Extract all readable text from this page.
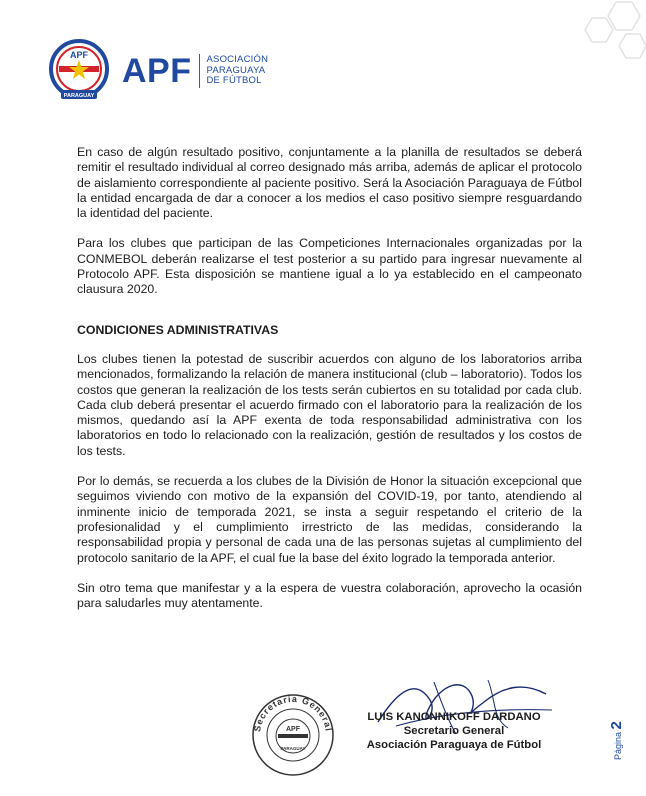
APF
PARAGUAY
APF ASOCIACIÓN
PARAGUAYA
DE FÚTBOL

En caso de algún resultado positivo, conjuntamente a la planilla de resultados se deberá remitir el resultado individual al correo designado más arriba, además de aplicar el protocolo de aislamiento correspondiente al paciente positivo. Será la Asociación Paraguaya de Fútbol la entidad encargada de dar a conocer a los medios el caso positivo siempre resguardando la identidad del paciente.

Para los clubes que participan de las Competiciones Internacionales organizadas por la CONMEBOL deberán realizarse el test posterior a su partido para ingresar nuevamente al Protocolo APF. Esta disposición se mantiene igual a lo ya establecido en el campeonato clausura 2020.

CONDICIONES ADMINISTRATIVAS

Los clubes tienen la potestad de suscribir acuerdos con alguno de los laboratorios arriba mencionados, formalizando la relación de manera institucional (club – laboratorio). Todos los costos que generan la realización de los tests serán cubiertos en su totalidad por cada club. Cada club deberá presentar el acuerdo firmado con el laboratorio para la realización de los mismos, quedando así la APF exenta de toda responsabilidad administrativa con los laboratorios en todo lo relacionado con la realización, gestión de resultados y los costos de los tests.

Por lo demás, se recuerda a los clubes de la División de Honor la situación excepcional que seguimos viviendo con motivo de la expansión del COVID-19, por tanto, atendiendo al inminente inicio de temporada 2021, se insta a seguir respetando el criterio de la profesionalidad y el cumplimiento irrestricto de las medidas, considerando la responsabilidad propia y personal de cada una de las personas sujetas al cumplimiento del protocolo sanitario de la APF, el cual fue la base del éxito logrado la temporada anterior.

Sin otro tema que manifestar y a la espera de vuestra colaboración, aprovecho la ocasión para saludarles muy atentamente.

Secretaria General
APF
PARAGUAY
LUIS KANONNIKOFF DARDANO
Secretario General
Asociación Paraguaya de Fútbol	Página 2
